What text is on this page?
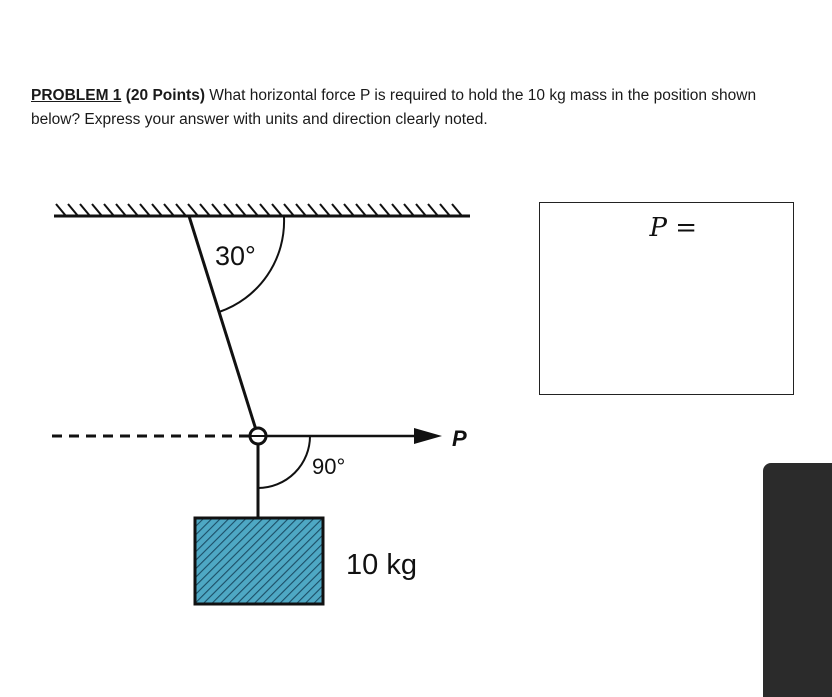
PROBLEM 1 (20 Points) What horizontal force P is required to hold the 10 kg mass in the position shown below? Express your answer with units and direction clearly noted.
30°
90°
P
10 kg
P =
